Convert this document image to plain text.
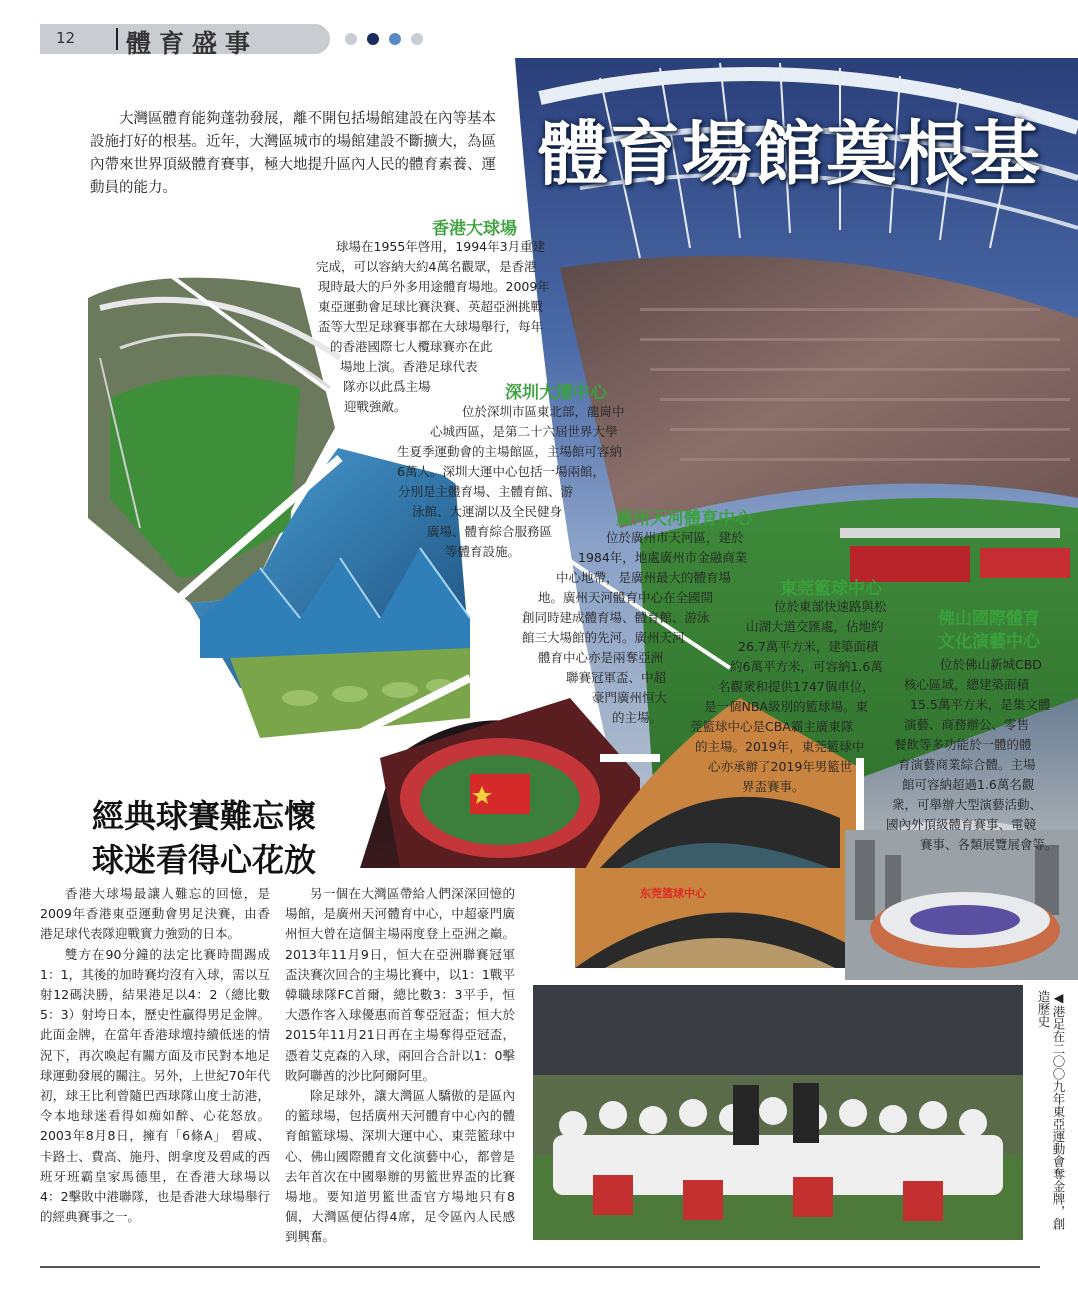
12 體育盛事
东莞篮球中心
體育場館奠根基
大灣區體育能夠蓬勃發展，離不開包括場館建設在內等基本設施打好的根基。近年，大灣區城市的場館建設不斷擴大，為區內帶來世界頂級體育賽事，極大地提升區內人民的體育素養、運動員的能力。
香港大球場
球場在1955年啓用，1994年3月重建
完成，可以容納大約4萬名觀眾，是香港
現時最大的戶外多用途體育場地。2009年
東亞運動會足球比賽決賽、英超亞洲挑戰
盃等大型足球賽事都在大球場舉行，每年
的香港國際七人欖球賽亦在此
場地上演。香港足球代表
隊亦以此爲主場
迎戰強敵。
深圳大運中心
位於深圳市區東北部，龍崗中
心城西區，是第二十六屆世界大學
生夏季運動會的主場館區，主場館可容納
6萬人。深圳大運中心包括一場兩館，
分別是主體育場、主體育館、游
泳館、大運湖以及全民健身
廣場、體育綜合服務區
等體育設施。
廣州天河體育中心
位於廣州市天河區，建於
1984年，地處廣州市金融商業
中心地帶，是廣州最大的體育場
地。廣州天河體育中心在全國開
創同時建成體育場、體育館、游泳
館三大場館的先河。廣州天河
體育中心亦是兩奪亞洲
聯賽冠軍盃、中超
豪門廣州恒大
的主場。
東莞籃球中心
位於東部快速路與松
山湖大道交匯處，佔地約
26.7萬平方米，建築面積
約6萬平方米，可容納1.6萬
名觀衆和提供1747個車位，
是一個NBA級別的籃球場。東
莞籃球中心是CBA霸主廣東隊
的主場。2019年，東莞籃球中
心亦承辦了2019年男籃世
界盃賽事。
佛山國際體育
文化演藝中心
位於佛山新城CBD
核心區域，總建築面積
15.5萬平方米，是集文體
演藝、商務辦公、零售
餐飲等多功能於一體的體
育演藝商業綜合體。主場
館可容納超過1.6萬名觀
衆，可舉辦大型演藝活動、
國內外頂級體育賽事、電競
賽事、各類展覽展會等。
經典球賽難忘懷
球迷看得心花放
香港大球場最讓人難忘的回憶，是2009年香港東亞運動會男足決賽，由香港足球代表隊迎戰實力強勁的日本。
雙方在90分鐘的法定比賽時間踢成1：1，其後的加時賽均沒有入球，需以互射12碼決勝，結果港足以4：2（總比數5：3）射垮日本，歷史性贏得男足金牌。此面金牌，在當年香港球壇持續低迷的情況下，再次喚起有關方面及市民對本地足球運動發展的關注。另外，上世紀70年代初，球王比利曾隨巴西球隊山度士訪港，令本地球迷看得如痴如醉、心花怒放。2003年8月8日，擁有「6條A」 碧咸、卡路士、費高、施丹、朗拿度及碧咸的西班牙班霸皇家馬德里，在香港大球場以4：2擊敗中港聯隊，也是香港大球場舉行的經典賽事之一。
另一個在大灣區帶給人們深深回憶的場館，是廣州天河體育中心，中超豪門廣州恒大曾在這個主場兩度登上亞洲之巔。2013年11月9日，恒大在亞洲聯賽冠軍盃決賽次回合的主場比賽中，以1：1戰平韓職球隊FC首爾，總比數3：3平手，恒大憑作客入球優惠而首奪亞冠盃；恒大於2015年11月21日再在主場奪得亞冠盃，憑着艾克森的入球，兩回合合計以1：0擊敗阿聯酋的沙比阿爾阿里。
除足球外，讓大灣區人驕傲的是區內的籃球場，包括廣州天河體育中心內的體育館籃球場、深圳大運中心、東莞籃球中心、佛山國際體育文化演藝中心，都曾是去年首次在中國舉辦的男籃世界盃的比賽場地。要知道男籃世盃官方場地只有8個，大灣區便佔得4席，足令區內人民感到興奮。
◀港足在二〇〇九年東亞運動會奪金牌，創造歷史
